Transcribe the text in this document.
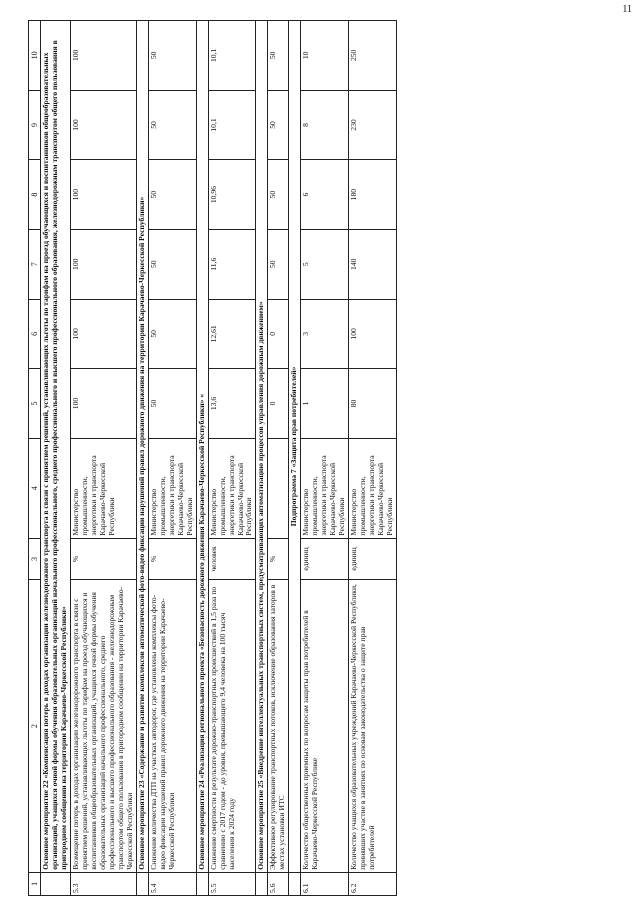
11
1	2	3	4	5	6	7	8	9	10
	Основное мероприятие 22 «Компенсация потерь в доходах организации железнодорожного транспорта в связи с принятием решений, устанавливающих льготы по тарифам на проезд обучающихся и воспитанников общеобразовательных организаций, учащихся очной формы обучения образовательных организаций начального профессионального, среднего профессионального и высшего профессионального образования, железнодорожным транспортом общего пользования в пригородном сообщении на территории Карачаево-Черкесской Республики»								
5.3	Возмещение потерь в доходах организации железнодорожного транспорта в связи с принятием решений, устанавливающих льготы по тарифам на проезд обучающихся и воспитанников общеобразовательных организаций, учащихся очной формы обучения образовательных организаций начального профессионального, среднего профессионального и высшего профессионального образования - железнодорожным транспортом общего пользования в пригородном сообщении на территории Карачаево-Черкесской Республики	%	Министерство промышленности, энергетики и транспорта Карачаево-Черкесской Республики	100	100	100	100	100	100
	Основное мероприятие 23 «Содержание и развитие комплексов автоматической фото-видео фиксации нарушений правил дорожного движения на территории Карачаево-Черкесской Республики»								
5.4	Снижение количества ДТП на участках автодорог, где установлены комплексы фото-видео фиксации нарушений правил дорожного движения на территории Карачаево-Черкесской Республики	%	Министерство промышленности, энергетики и транспорта Карачаево-Черкесской Республики	50	50	50	50	50	50
	Основное мероприятие 24 «Реализация регионального проекта «Безопасность дорожного движения Карачаево-Черкесской Республики» «								
5.5	Снижение смертности в результате дорожно-транспортных происшествий в 1,5 раза по сравнению с 2017 годом - до уровня, превышающего 9,4 человека на 100 тысяч населения к 2024 году	человек	Министерство промышленности, энергетики и транспорта Карачаево-Черкесской Республики	13,6	12,61	11,6	10,96	10,1	10,1
	Основное мероприятие 25 «Внедрение интеллектуальных транспортных систем, предусматривающих автоматизацию процессов управления дорожным движением»								
5.6	Эффективное регулирование транспортных потоков, исключение образования заторов в местах установки ИТС	%		0	0	50	50	50	50
	Подпрограмма 7 «Защита прав потребителей»								
6.1	Количество общественных приемных по вопросам защиты прав потребителей в Карачаево-Черкесской Республике	единиц	Министерство промышленности, энергетики и транспорта Карачаево-Черкесской Республики	1	3	5	6	8	10
6.2	Количество учащихся образовательных учреждений Карачаево-Черкесской Республики, принявших участие в занятиях по основам законодательства о защите прав потребителей	единиц	Министерство промышленности, энергетики и транспорта Карачаево-Черкесской Республики	80	100	140	180	230	250
